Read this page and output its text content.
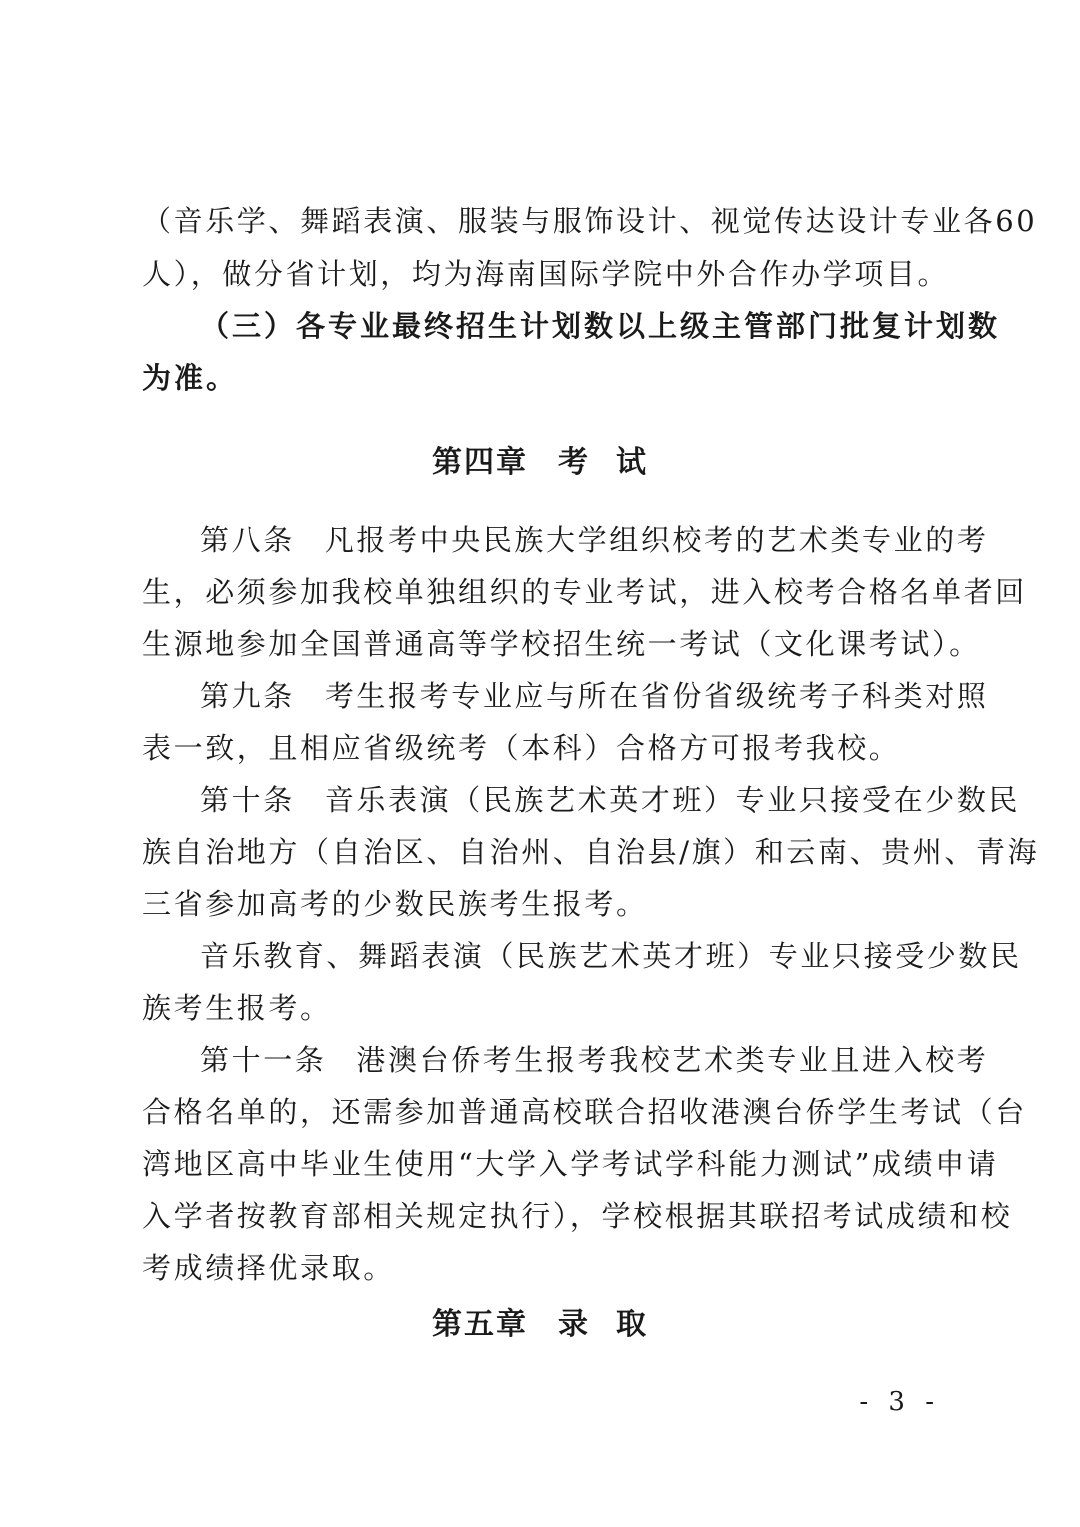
（音乐学、舞蹈表演、服装与服饰设计、视觉传达设计专业各60
人），做分省计划，均为海南国际学院中外合作办学项目。
（三）各专业最终招生计划数以上级主管部门批复计划数
为准。
第四章 考 试
第八条 凡报考中央民族大学组织校考的艺术类专业的考
生，必须参加我校单独组织的专业考试，进入校考合格名单者回
生源地参加全国普通高等学校招生统一考试（文化课考试）。
第九条 考生报考专业应与所在省份省级统考子科类对照
表一致，且相应省级统考（本科）合格方可报考我校。
第十条 音乐表演（民族艺术英才班）专业只接受在少数民
族自治地方（自治区、自治州、自治县/旗）和云南、贵州、青海
三省参加高考的少数民族考生报考。
音乐教育、舞蹈表演（民族艺术英才班）专业只接受少数民
族考生报考。
第十一条 港澳台侨考生报考我校艺术类专业且进入校考
合格名单的，还需参加普通高校联合招收港澳台侨学生考试（台
湾地区高中毕业生使用“大学入学考试学科能力测试”成绩申请
入学者按教育部相关规定执行），学校根据其联招考试成绩和校
考成绩择优录取。
第五章 录 取
- 3 -
